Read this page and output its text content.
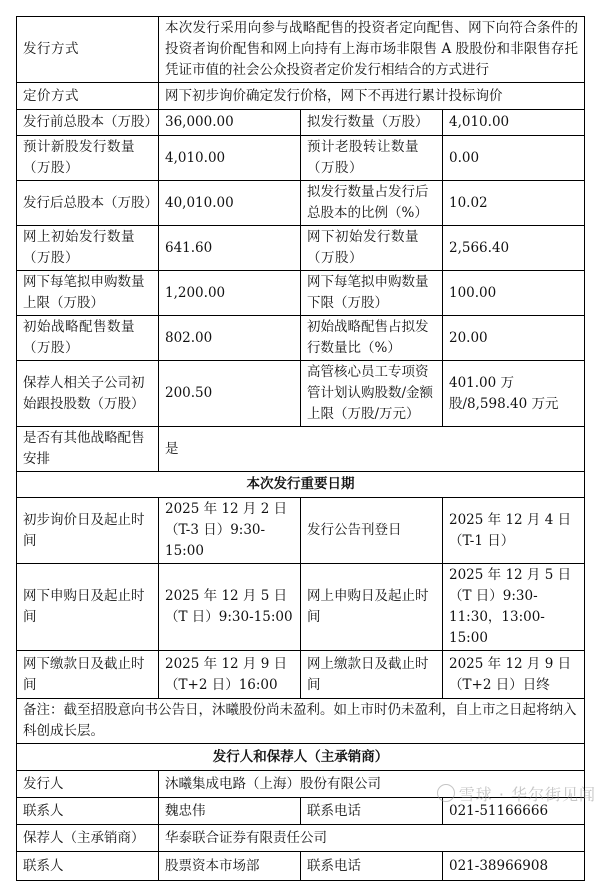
发行方式	本次发行采用向参与战略配售的投资者定向配售、网下向符合条件的投资者询价配售和网上向持有上海市场非限售 A 股股份和非限售存托凭证市值的社会公众投资者定价发行相结合的方式进行		
定价方式	网下初步询价确定发行价格，网下不再进行累计投标询价		
发行前总股本（万股）	36,000.00	拟发行数量（万股）	4,010.00
预计新股发行数量（万股）	4,010.00	预计老股转让数量（万股）	0.00
发行后总股本（万股）	40,010.00	拟发行数量占发行后总股本的比例（%）	10.02
网上初始发行数量（万股）	641.60	网下初始发行数量（万股）	2,566.40
网下每笔拟申购数量上限（万股）	1,200.00	网下每笔拟申购数量下限（万股）	100.00
初始战略配售数量（万股）	802.00	初始战略配售占拟发行数量比（%）	20.00
保荐人相关子公司初始跟投股数（万股）	200.50	高管核心员工专项资管计划认购股数/金额上限（万股/万元）	401.00 万股/8,598.40 万元
是否有其他战略配售安排	是		
本次发行重要日期			
初步询价日及起止时间	2025 年 12 月 2 日（T-3 日）9:30-15:00	发行公告刊登日	2025 年 12 月 4 日（T-1 日）
网下申购日及起止时间	2025 年 12 月 5 日（T 日）9:30-15:00	网上申购日及起止时间	2025 年 12 月 5 日（T 日）9:30-11:30，13:00-15:00
网下缴款日及截止时间	2025 年 12 月 9 日（T+2 日）16:00	网上缴款日及截止时间	2025 年 12 月 9 日（T+2 日）日终
备注：截至招股意向书公告日，沐曦股份尚未盈利。如上市时仍未盈利，自上市之日起将纳入科创成长层。			
发行人和保荐人（主承销商）			
发行人	沐曦集成电路（上海）股份有限公司		
联系人	魏忠伟	联系电话	021-51166666
保荐人（主承销商）	华泰联合证券有限责任公司		
联系人	股票资本市场部	联系电话	021-38966908
雪球 · 华尔街见闻
